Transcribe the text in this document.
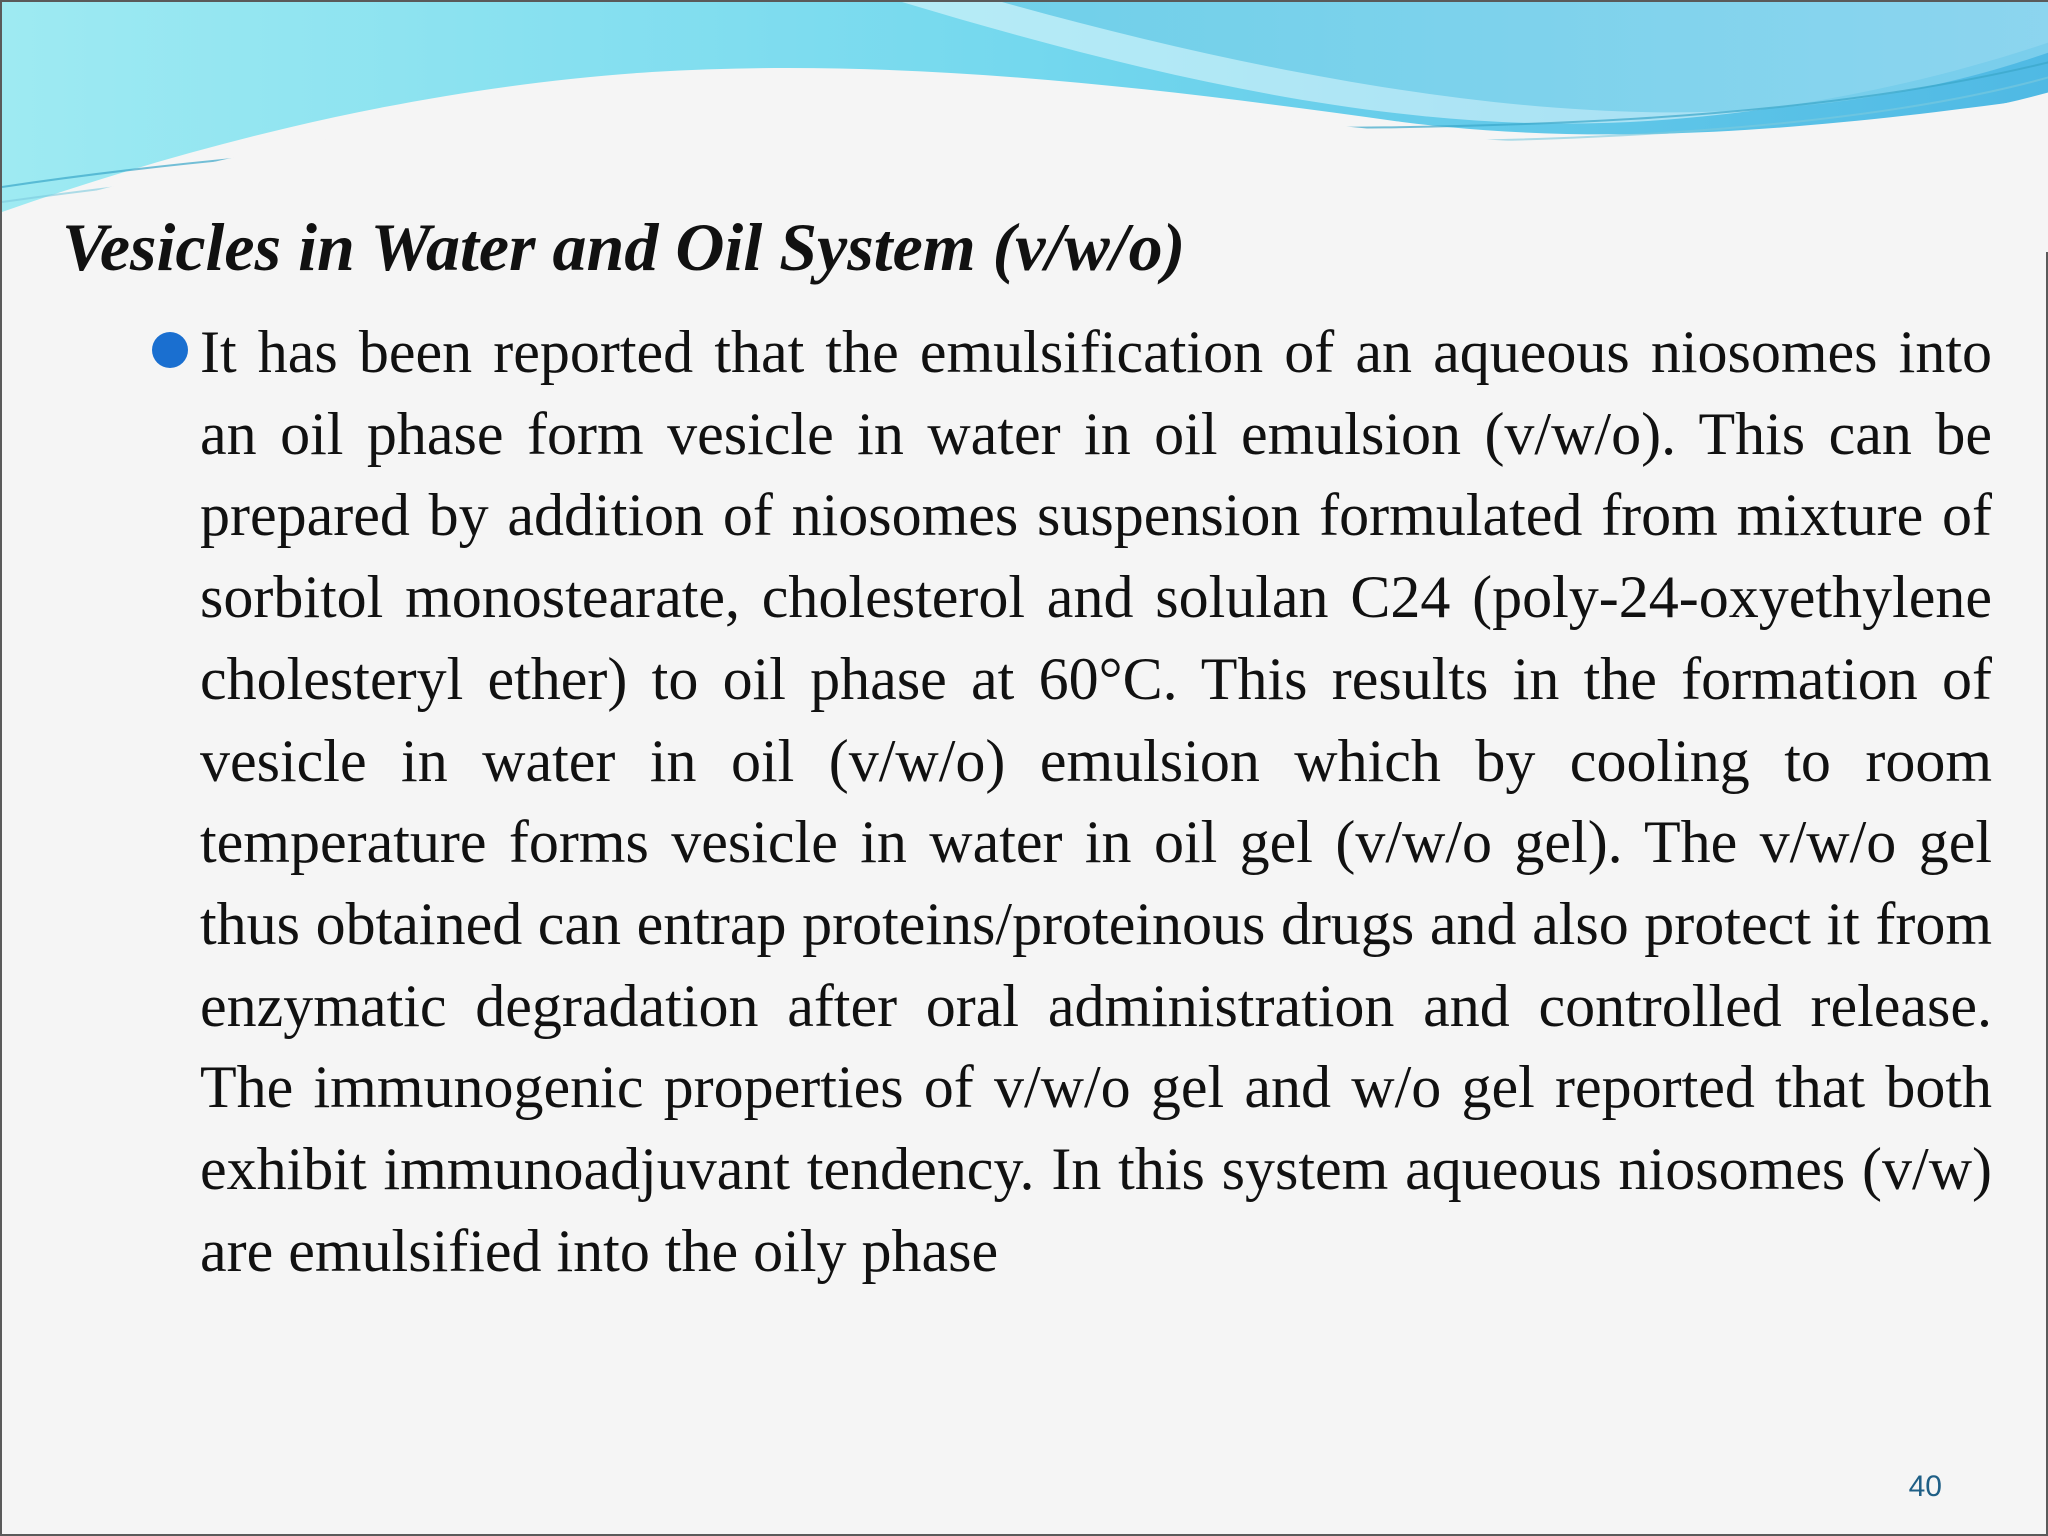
Vesicles in Water and Oil System (v/w/o)

It has been reported that the emulsification of an aqueous niosomes into an oil phase form vesicle in water in oil emulsion (v/w/o). This can be prepared by addition of niosomes suspension formulated from mixture of sorbitol monostearate, cholesterol and solulan C24 (poly-24-oxyethylene cholesteryl ether) to oil phase at 60°C. This results in the formation of vesicle in water in oil (v/w/o) emulsion which by cooling to room temperature forms vesicle in water in oil gel (v/w/o gel). The v/w/o gel thus obtained can entrap proteins/proteinous drugs and also protect it from enzymatic degradation after oral administration and controlled release. The immunogenic properties of v/w/o gel and w/o gel reported that both exhibit immunoadjuvant tendency. In this system aqueous niosomes (v/w) are emulsified into the oily phase

40
